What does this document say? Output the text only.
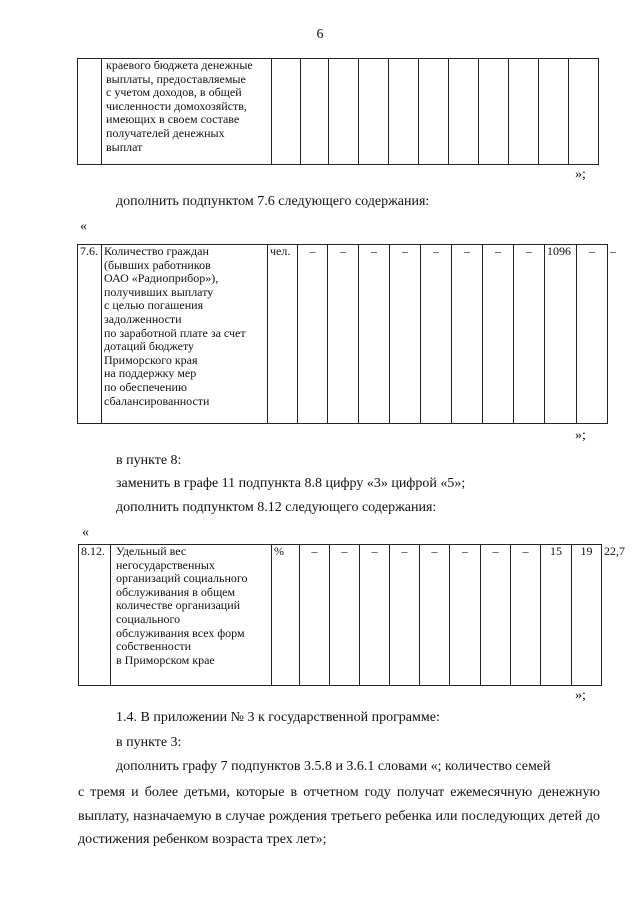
6

краевого бюджета денежные
выплаты, предоставляемые
с учетом доходов, в общей
численности домохозяйств,
имеющих в своем составе
получателей денежных
выплат

»;
дополнить подпунктом 7.6 следующего содержания:
«
7.6.	Количество граждан
(бывших работников
ОАО «Радиоприбор»),
получивших выплату
с целью погашения
задолженности
по заработной плате за счет
дотаций бюджету
Приморского края
на поддержку мер
по обеспечению
сбалансированности
	чел.	–	–	–	–	–	–	–	–	1096	–	–
»;
в пункте 8:
заменить в графе 11 подпункта 8.8 цифру «3» цифрой «5»;
дополнить подпунктом 8.12 следующего содержания:
«
8.12.	Удельный вес
негосударственных
организаций социального
обслуживания в общем
количестве организаций
социального
обслуживания всех форм
собственности
в Приморском крае
	%	–	–	–	–	–	–	–	–	15	19	22,7
»;
1.4. В приложении № 3 к государственной программе:
в пункте 3:
дополнить графу 7 подпунктов 3.5.8 и 3.6.1 словами «; количество семей
с тремя и более детьми, которые в отчетном году получат ежемесячную денежную выплату, назначаемую в случае рождения третьего ребенка или последующих детей до достижения ребенком возраста трех лет»;
